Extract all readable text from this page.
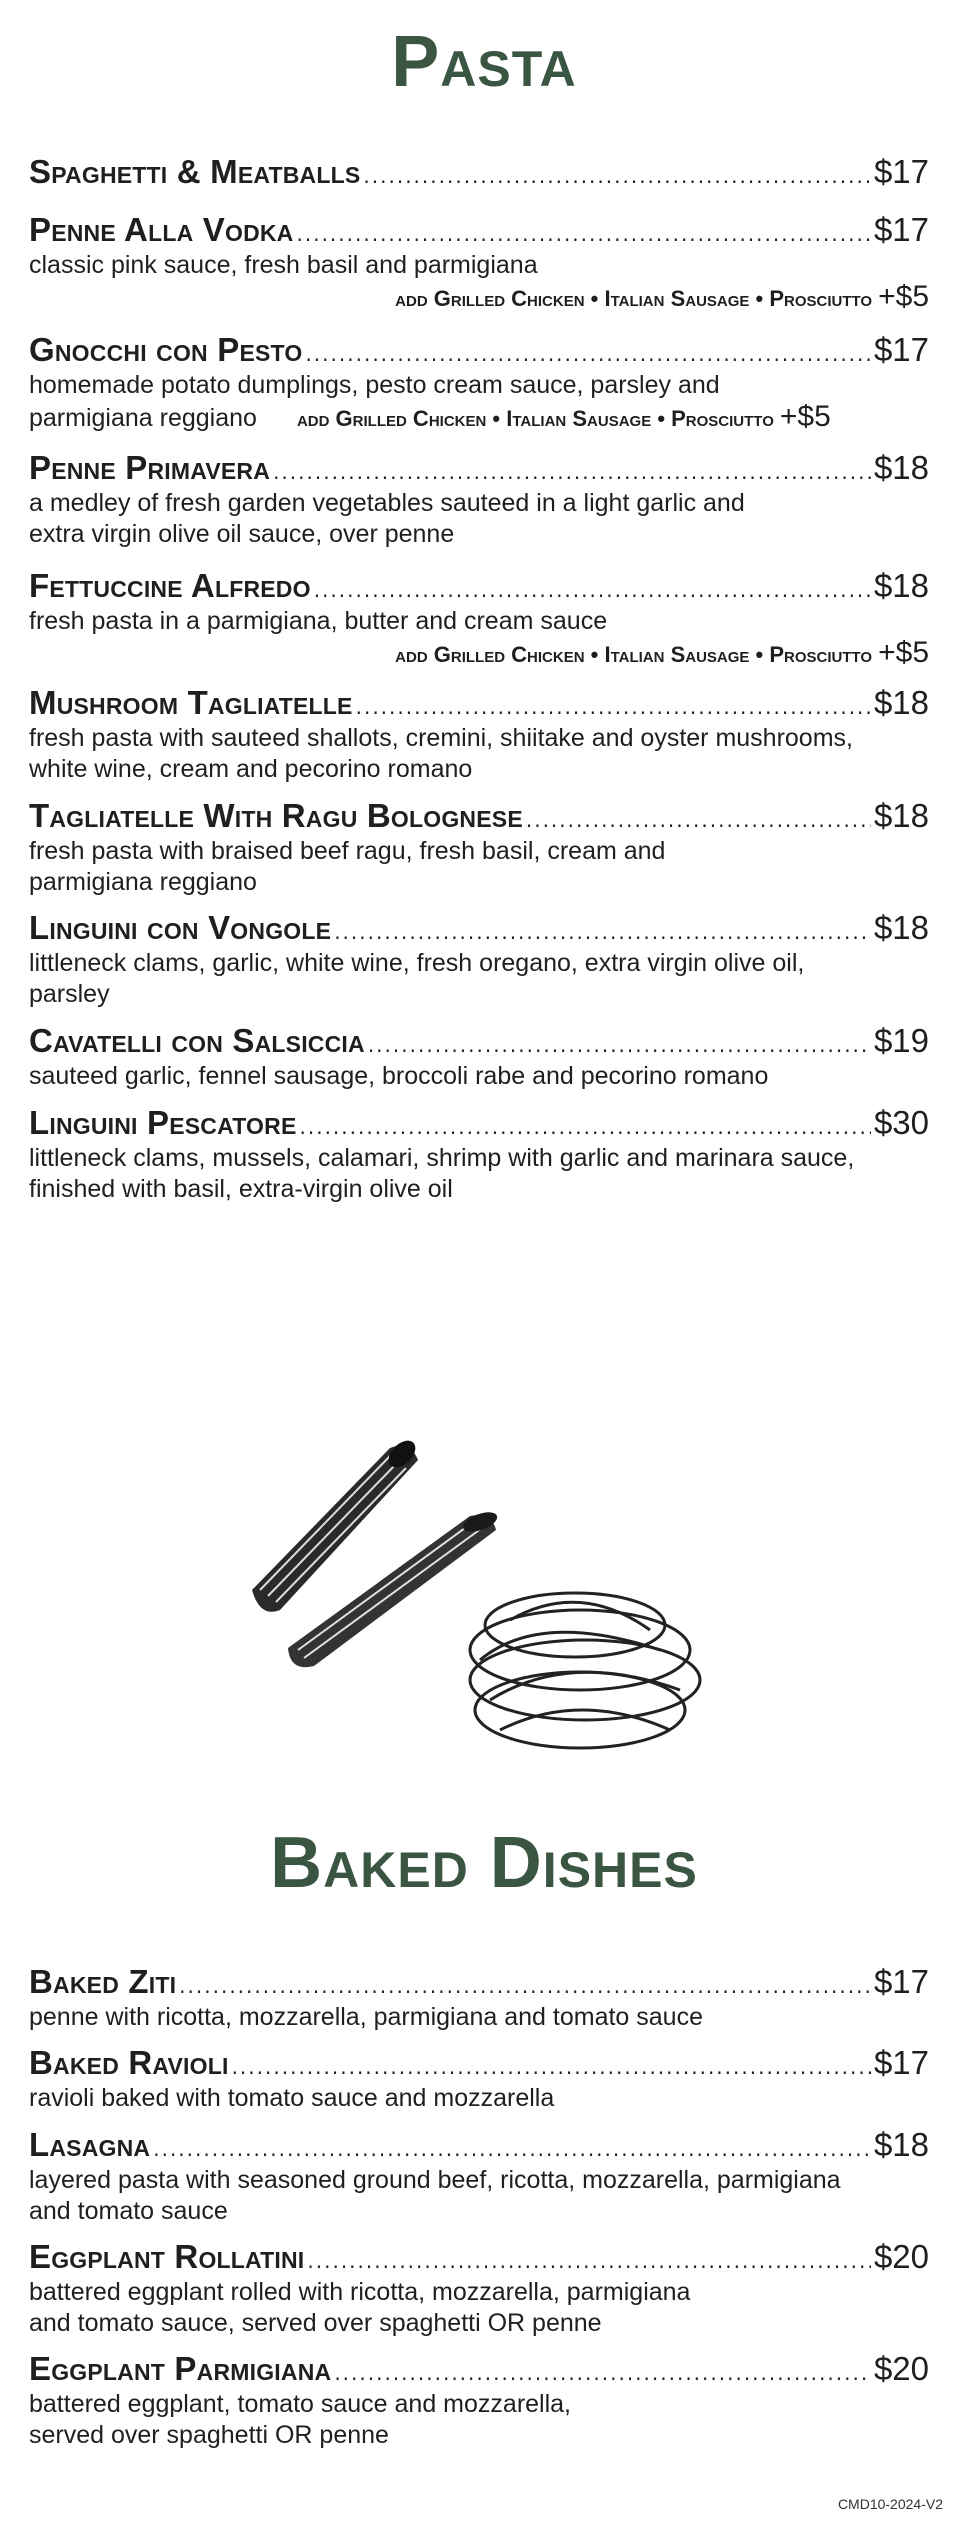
Pasta
Spaghetti & Meatballs .....	$17
Penne Alla Vodka .....	$17
classic pink sauce, fresh basil and parmigiana
add Grilled Chicken • Italian Sausage • Prosciutto +$5
Gnocchi con Pesto .....	$17
homemade potato dumplings, pesto cream sauce, parsley and
parmigiana reggiano add Grilled Chicken • Italian Sausage • Prosciutto +$5
Penne Primavera .....	$18
a medley of fresh garden vegetables sauteed in a light garlic and
extra virgin olive oil sauce, over penne
Fettuccine Alfredo .....	$18
fresh pasta in a parmigiana, butter and cream sauce
add Grilled Chicken • Italian Sausage • Prosciutto +$5
Mushroom Tagliatelle .....	$18
fresh pasta with sauteed shallots, cremini, shiitake and oyster mushrooms,
white wine, cream and pecorino romano
Tagliatelle With Ragu Bolognese .....	$18
fresh pasta with braised beef ragu, fresh basil, cream and
parmigiana reggiano
Linguini con Vongole .....	$18
littleneck clams, garlic, white wine, fresh oregano, extra virgin olive oil,
parsley
Cavatelli con Salsiccia .....	$19
sauteed garlic, fennel sausage, broccoli rabe and pecorino romano
Linguini Pescatore .....	$30
littleneck clams, mussels, calamari, shrimp with garlic and marinara sauce,
finished with basil, extra-virgin olive oil
Baked Dishes
Baked Ziti .....	$17
penne with ricotta, mozzarella, parmigiana and tomato sauce
Baked Ravioli .....	$17
ravioli baked with tomato sauce and mozzarella
Lasagna .....	$18
layered pasta with seasoned ground beef, ricotta, mozzarella, parmigiana
and tomato sauce
Eggplant Rollatini .....	$20
battered eggplant rolled with ricotta, mozzarella, parmigiana
and tomato sauce, served over spaghetti OR penne
Eggplant Parmigiana .....	$20
battered eggplant, tomato sauce and mozzarella,
served over spaghetti OR penne
CMD10-2024-V2
